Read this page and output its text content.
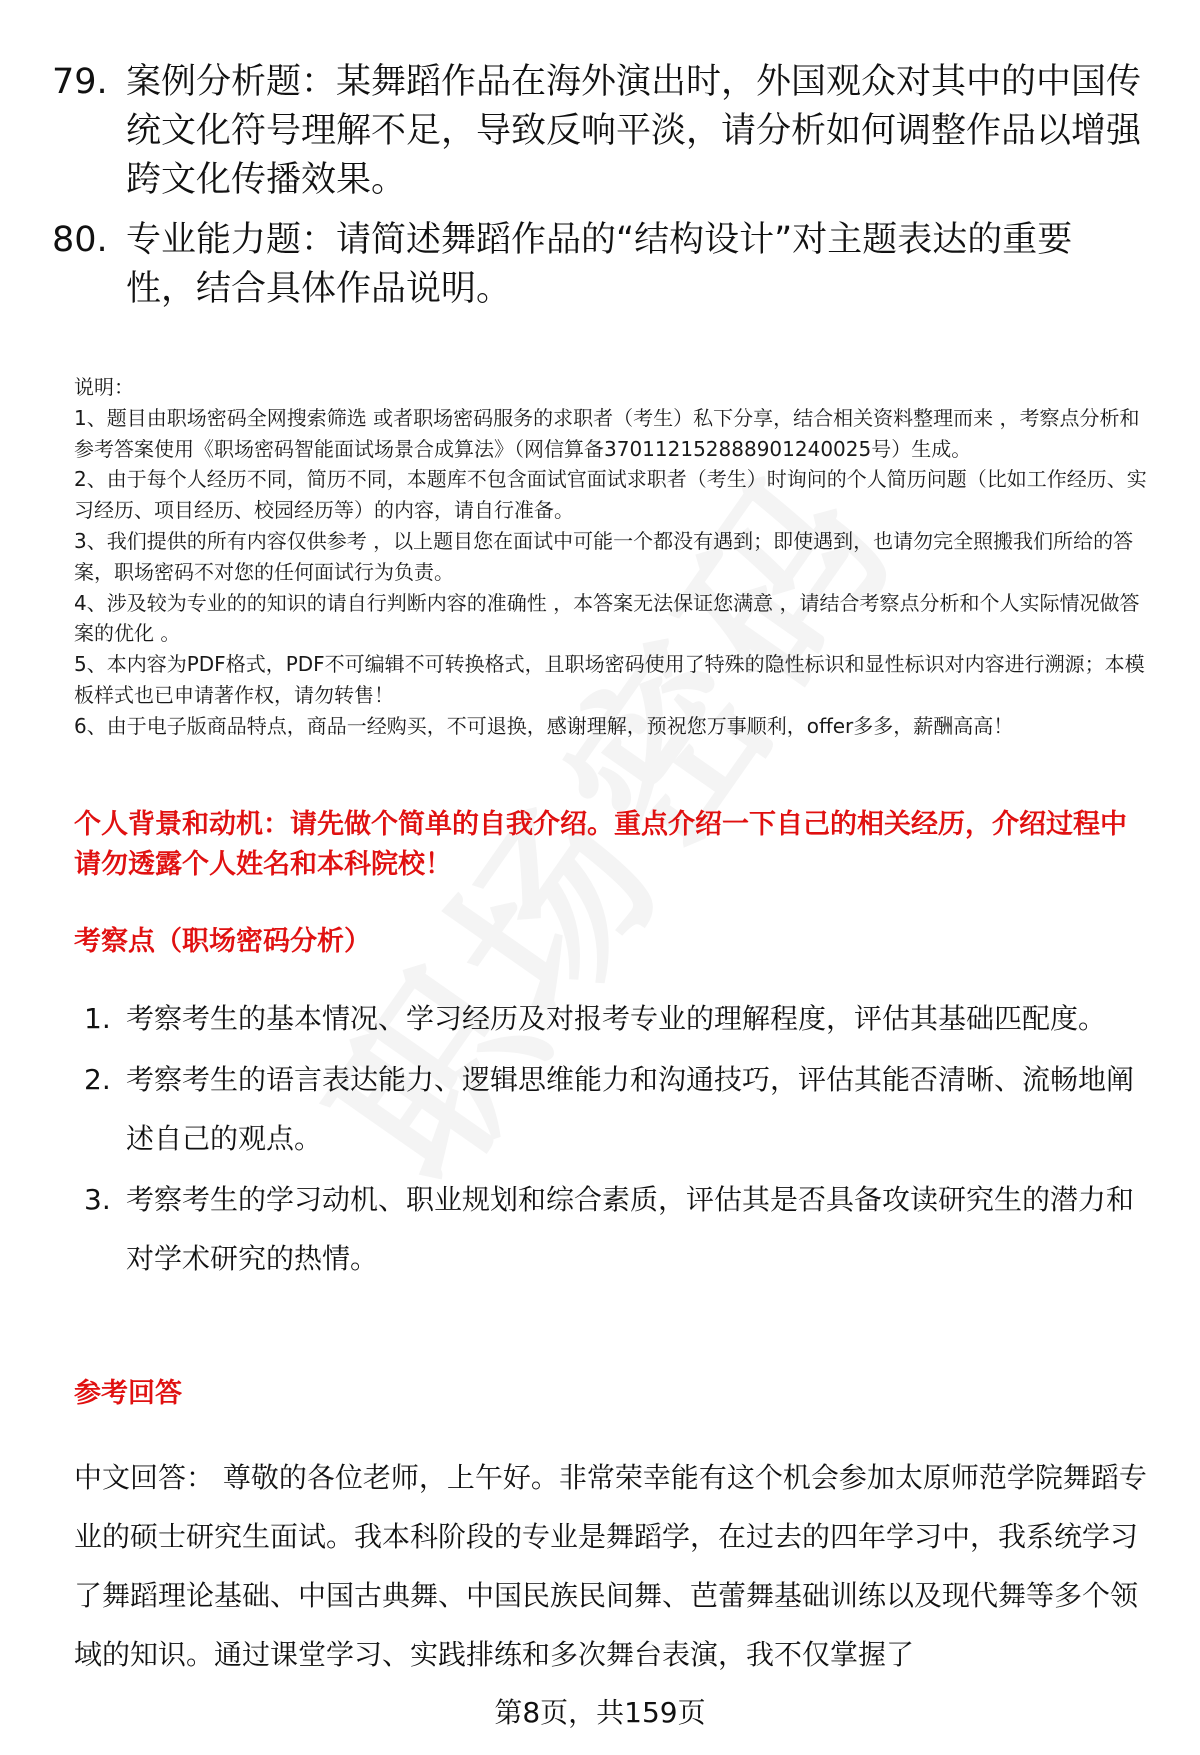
79. 案例分析题：某舞蹈作品在海外演出时，外国观众对其中的中国传统文化符号理解不足，导致反响平淡，请分析如何调整作品以增强跨文化传播效果。
80. 专业能力题：请简述舞蹈作品的“结构设计”对主题表达的重要性，结合具体作品说明。
说明：
1、题目由职场密码全网搜索筛选 或者职场密码服务的求职者（考生）私下分享，结合相关资料整理而来 ，考察点分析和参考答案使用《职场密码智能面试场景合成算法》（网信算备370112152888901240025号）生成。
2、由于每个人经历不同，简历不同，本题库不包含面试官面试求职者（考生）时询问的个人简历问题（比如工作经历、实习经历、项目经历、校园经历等）的内容，请自行准备。
3、我们提供的所有内容仅供参考 ，以上题目您在面试中可能一个都没有遇到；即使遇到，也请勿完全照搬我们所给的答案，职场密码不对您的任何面试行为负责。
4、涉及较为专业的的知识的请自行判断内容的准确性 ，本答案无法保证您满意 ，请结合考察点分析和个人实际情况做答案的优化 。
5、本内容为PDF格式，PDF不可编辑不可转换格式，且职场密码使用了特殊的隐性标识和显性标识对内容进行溯源；本模板样式也已申请著作权，请勿转售！
6、由于电子版商品特点，商品一经购买，不可退换，感谢理解，预祝您万事顺利，offer多多，薪酬高高！
个人背景和动机：请先做个简单的自我介绍。重点介绍一下自己的相关经历，介绍过程中请勿透露个人姓名和本科院校！
考察点（职场密码分析）
1. 考察考生的基本情况、学习经历及对报考专业的理解程度，评估其基础匹配度。
2. 考察考生的语言表达能力、逻辑思维能力和沟通技巧，评估其能否清晰、流畅地阐述自己的观点。
3. 考察考生的学习动机、职业规划和综合素质，评估其是否具备攻读研究生的潜力和对学术研究的热情。
参考回答
中文回答： 尊敬的各位老师，上午好。非常荣幸能有这个机会参加太原师范学院舞蹈专业的硕士研究生面试。我本科阶段的专业是舞蹈学，在过去的四年学习中，我系统学习了舞蹈理论基础、中国古典舞、中国民族民间舞、芭蕾舞基础训练以及现代舞等多个领域的知识。通过课堂学习、实践排练和多次舞台表演，我不仅掌握了
第8页，共159页
